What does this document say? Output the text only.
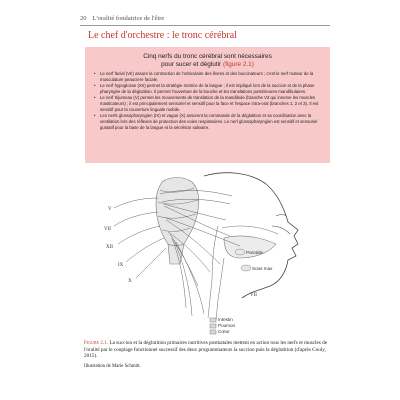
20 L'oralité fondatrice de l'être
Le chef d'orchestre : le tronc cérébral
Cinq nerfs du tronc cérébral sont nécessaires
pour sucer et déglutir (figure 2.1)
• Le nerf facial (VII) assure la contraction de l'orbiculaire des lèvres et des buccinateurs ; c'est le nerf moteur de la musculature peauciere faciale.
• Le nerf hypoglosse (XII) permet la stratégie motrice de la langue ; il est impliqué lors de la succion et de la phase pharyngée de la déglutition. Il permet l'ouverture de la bouche et les translations postérieures mandibulaires.
• Le nerf trijumeau (V) permet les mouvements de translation de la mandibule (branche V3 qui innerve les muscles masticateurs) ; il est principalement sensoriel et sensitif pour la face et l'espace intra-oral (branches 1, 2 et 3). Il est sensitif pour la couverture linguale mobile.
• Les nerfs glossopharyngien (IX) et vague (X) assurent la commande de la déglutition et sa coordination avec la ventilation lors des réflexes de protection des voies respiratoires. Le nerf glossopharyngien est sensitif et sensoriel gustatif pour la base de la langue et la sécrétion salivaire.
Parotide
Sous max
Intestin
Poumon
Cœur
V
VII
XII
IX
X
VII
Figure 2.1. La succion et la déglutition primaires nutritives postnatales mettent en action tous les nerfs et muscles de l'oralité par le couplage fonctionnel successif des deux programmateurs la succion puis la déglutition (d'après Couly, 2015).
Illustration de Marie Schmitt.
